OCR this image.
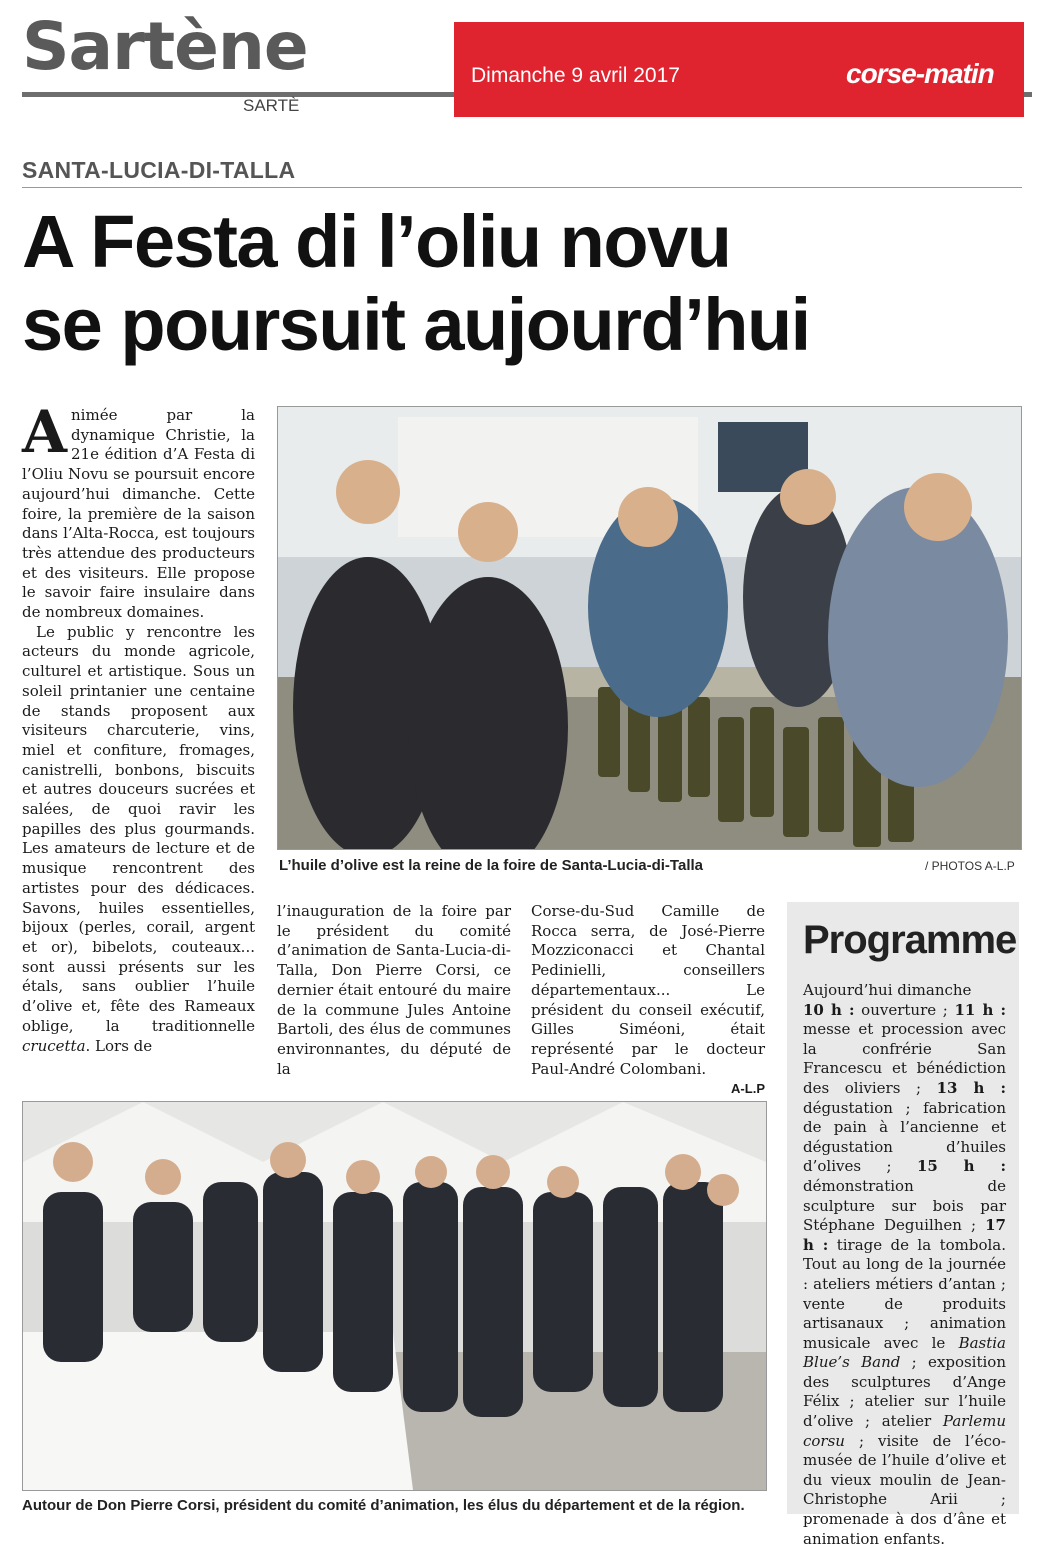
Sartène
SARTÈ
Dimanche 9 avril 2017	corse-matin
SANTA-LUCIA-DI-TALLA
A Festa di l’oliu novu
se poursuit aujourd’hui

Animée par la dynamique Christie, la 21e édition d’A Festa di l’Oliu Novu se poursuit encore aujourd’hui dimanche. Cette foire, la première de la saison dans l’Alta-Rocca, est toujours très attendue des producteurs et des visiteurs. Elle propose le savoir faire insulaire dans de nombreux domaines.

Le public y rencontre les acteurs du monde agricole, culturel et artistique. Sous un soleil printanier une centaine de stands proposent aux visiteurs charcuterie, vins, miel et confiture, fromages, canistrelli, bonbons, biscuits et autres douceurs sucrées et salées, de quoi ravir les papilles des plus gourmands. Les amateurs de lecture et de musique rencontrent des artistes pour des dédicaces. Savons, huiles essentielles, bijoux (perles, corail, argent et or), bibelots, couteaux... sont aussi présents sur les étals, sans oublier l’huile d’olive et, fête des Rameaux oblige, la traditionnelle crucetta. Lors de

L’huile d’olive est la reine de la foire de Santa-Lucia-di-Talla	/ PHOTOS A-L.P

l’inauguration de la foire par le président du comité d’animation de Santa-Lucia-di-Talla, Don Pierre Corsi, ce dernier était entouré du maire de la commune Jules Antoine Bartoli, des élus de communes environnantes, du député de la

Corse-du-Sud Camille de Rocca serra, de José-Pierre Mozziconacci et Chantal Pedinielli, conseillers départementaux... Le président du conseil exécutif, Gilles Siméoni, était représenté par le docteur Paul-André Colombani.

A-L.P
Autour de Don Pierre Corsi, président du comité d’animation, les élus du département et de la région.
Programme
Aujourd’hui dimanche
10 h : ouverture ; 11 h : messe et procession avec la confrérie San Francescu et bénédiction des oliviers ; 13 h : dégustation ; fabrication de pain à l’ancienne et dégustation d’huiles d’olives ; 15 h : démonstration de sculpture sur bois par Stéphane Deguilhen ; 17 h : tirage de la tombola. Tout au long de la journée : ateliers métiers d’antan ; vente de produits artisanaux ; animation musicale avec le Bastia Blue’s Band ; exposition des sculptures d’Ange Félix ; atelier sur l’huile d’olive ; atelier Parlemu corsu ; visite de l’éco-musée de l’huile d’olive et du vieux moulin de Jean-Christophe Arii ; promenade à dos d’âne et animation enfants.
